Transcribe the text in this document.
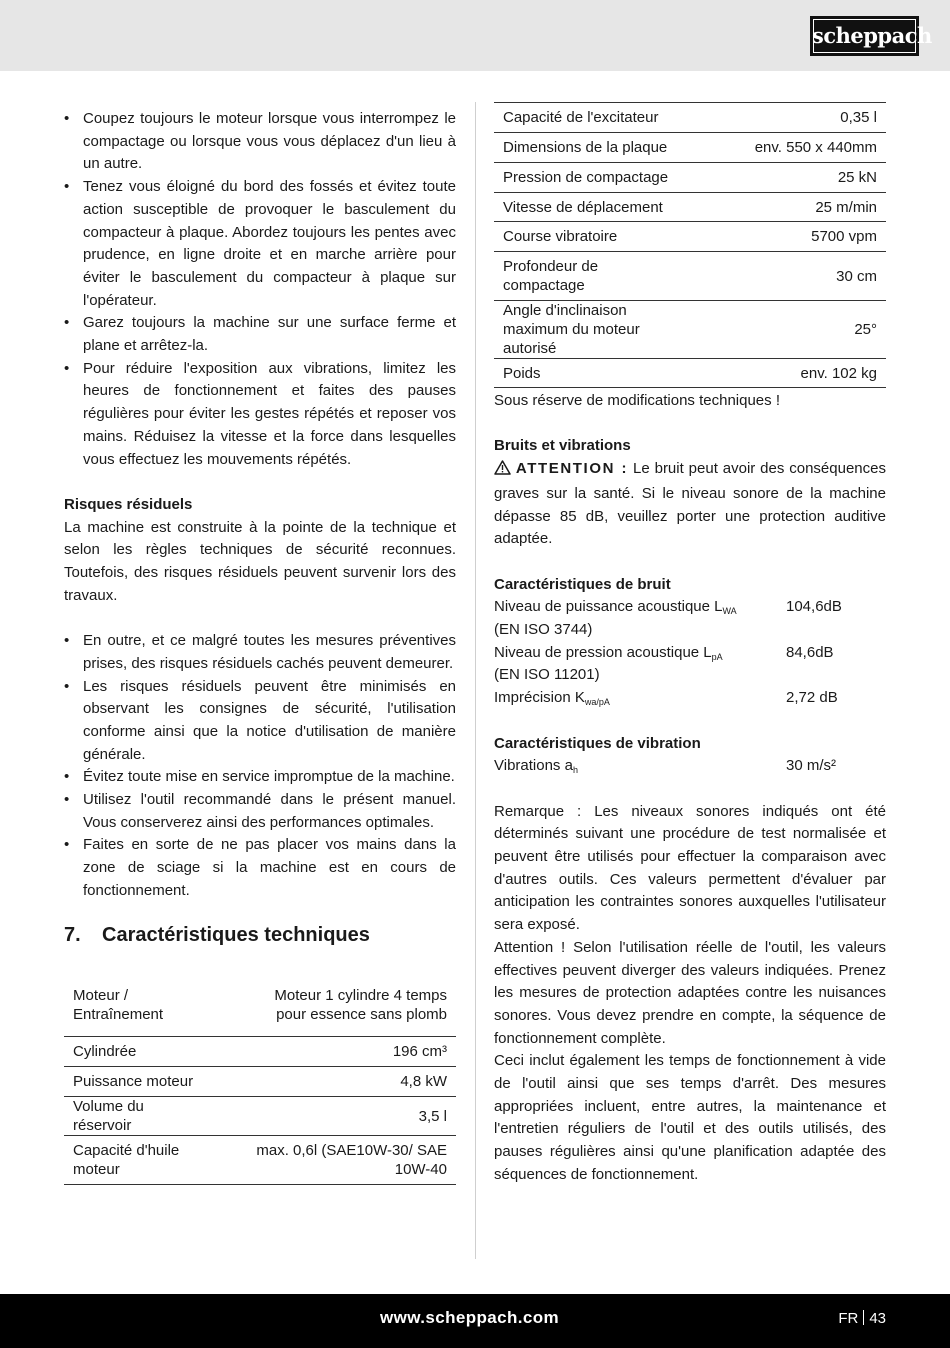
scheppach
• Coupez toujours le moteur lorsque vous interrompez le compactage ou lorsque vous vous déplacez d'un lieu à un autre.
• Tenez vous éloigné du bord des fossés et évitez toute action susceptible de provoquer le basculement du compacteur à plaque. Abordez toujours les pentes avec prudence, en ligne droite et en marche arrière pour éviter le basculement du compacteur à plaque sur l'opérateur.
• Garez toujours la machine sur une surface ferme et plane et arrêtez-la.
• Pour réduire l'exposition aux vibrations, limitez les heures de fonctionnement et faites des pauses régulières pour éviter les gestes répétés et reposer vos mains. Réduisez la vitesse et la force dans lesquelles vous effectuez les mouvements répétés.
Risques résiduels

La machine est construite à la pointe de la technique et selon les règles techniques de sécurité reconnues. Toutefois, des risques résiduels peuvent survenir lors des travaux.

• En outre, et ce malgré toutes les mesures préventives prises, des risques résiduels cachés peuvent demeurer.
• Les risques résiduels peuvent être minimisés en observant les consignes de sécurité, l'utilisation conforme ainsi que la notice d'utilisation de manière générale.
• Évitez toute mise en service impromptue de la machine.
• Utilisez l'outil recommandé dans le présent manuel. Vous conserverez ainsi des performances optimales.
• Faites en sorte de ne pas placer vos mains dans la zone de sciage si la machine est en cours de fonctionnement.
7.	Caractéristiques techniques
Moteur / Entraînement	Moteur 1 cylindre 4 temps pour essence sans plomb
Cylindrée	196 cm³
Puissance moteur	4,8 kW
Volume du réservoir	3,5 l
Capacité d'huile moteur	max. 0,6l (SAE10W-30/ SAE 10W-40
Capacité de l'excitateur	0,35 l
Dimensions de la plaque	env. 550 x 440mm
Pression de compactage	25 kN
Vitesse de déplacement	25 m/min
Course vibratoire	5700 vpm
Profondeur de compactage	30 cm
Angle d'inclinaison maximum du moteur autorisé	25°
Poids	env. 102 kg

Sous réserve de modifications techniques !

Bruits et vibrations

ATTENTION : Le bruit peut avoir des conséquences graves sur la santé. Si le niveau sonore de la machine dépasse 85 dB, veuillez porter une protection auditive adaptée.

Caractéristiques de bruit
Niveau de puissance acoustique $L_{WA}$	104,6dB

(EN ISO 3744)

Niveau de pression acoustique $L_{pA}$	84,6dB

(EN ISO 11201)

Imprécision $K_{wa/pA}$	2,72 dB
Caractéristiques de vibration
Vibrations $a_h$	30 m/s²

Remarque : Les niveaux sonores indiqués ont été déterminés suivant une procédure de test normalisée et peuvent être utilisés pour effectuer la comparaison avec d'autres outils. Ces valeurs permettent d'évaluer par anticipation les contraintes sonores auxquelles l'utilisateur sera exposé.

Attention ! Selon l'utilisation réelle de l'outil, les valeurs effectives peuvent diverger des valeurs indiquées. Prenez les mesures de protection adaptées contre les nuisances sonores. Vous devez prendre en compte, la séquence de fonctionnement complète.

Ceci inclut également les temps de fonctionnement à vide de l'outil ainsi que ses temps d'arrêt. Des mesures appropriées incluent, entre autres, la maintenance et l'entretien réguliers de l'outil et des outils utilisés, des pauses régulières ainsi qu'une planification adaptée des séquences de fonctionnement.

www.scheppach.com	FR 43
